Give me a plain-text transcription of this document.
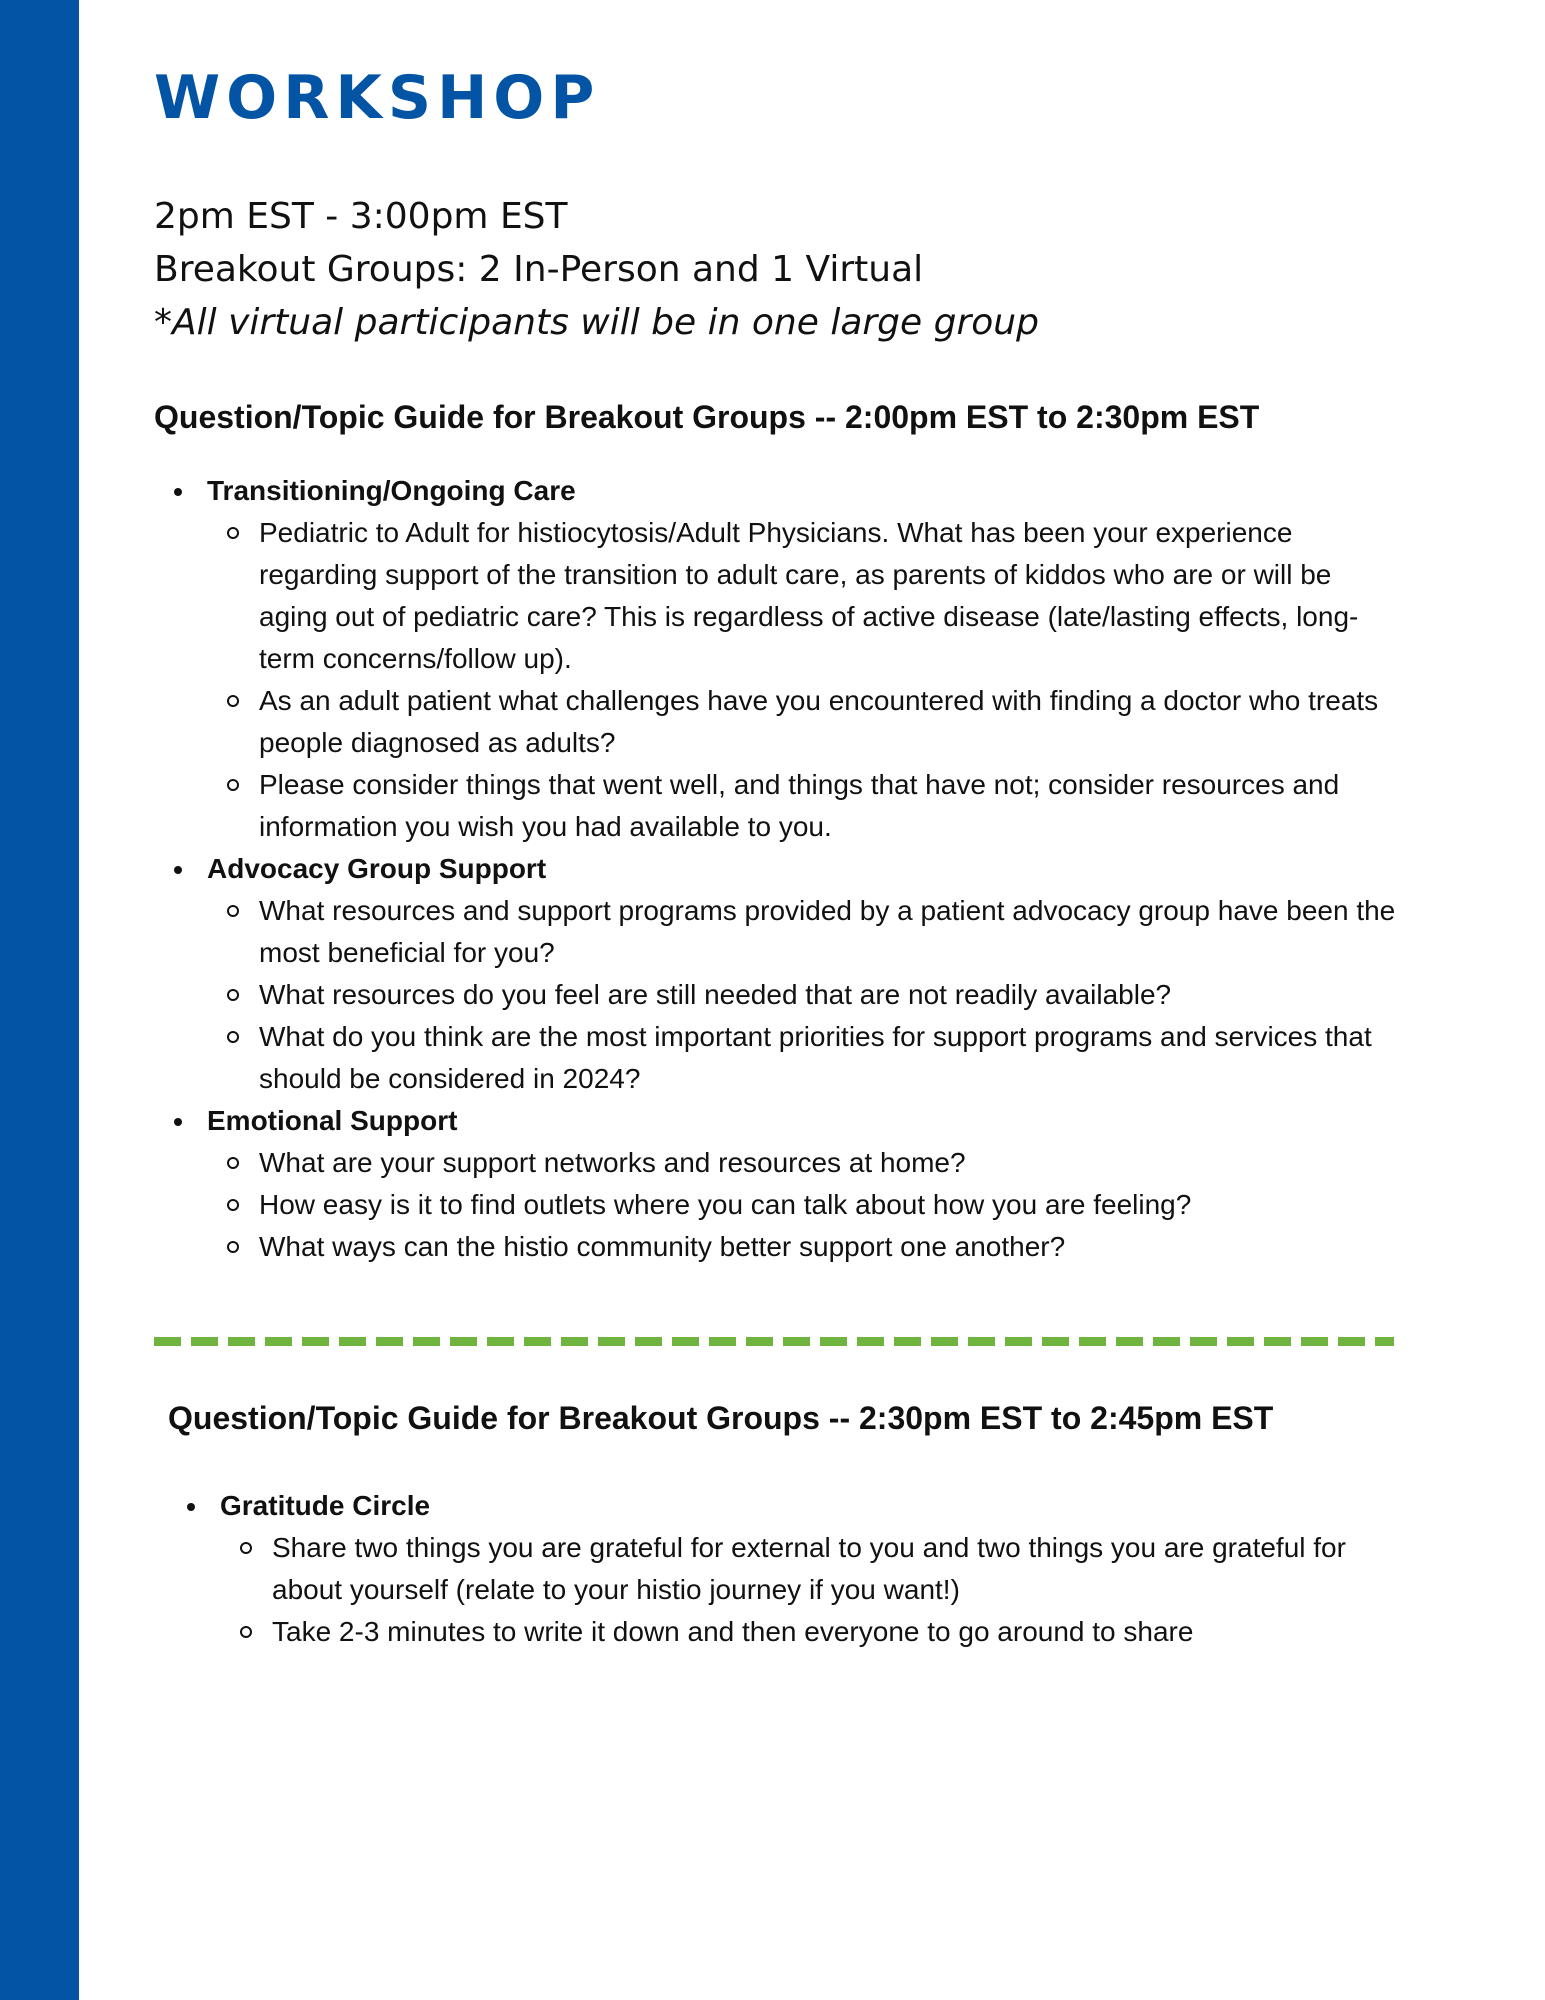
WORKSHOP
2pm EST - 3:00pm EST
Breakout Groups: 2 In-Person and 1 Virtual
*All virtual participants will be in one large group
Question/Topic Guide for Breakout Groups -- 2:00pm EST to 2:30pm EST
Transitioning/Ongoing Care
Pediatric to Adult for histiocytosis/Adult Physicians. What has been your experience regarding support of the transition to adult care, as parents of kiddos who are or will be aging out of pediatric care? This is regardless of active disease (late/lasting effects, long-term concerns/follow up).
As an adult patient what challenges have you encountered with finding a doctor who treats people diagnosed as adults?
Please consider things that went well, and things that have not; consider resources and information you wish you had available to you.
Advocacy Group Support
What resources and support programs provided by a patient advocacy group have been the most beneficial for you?
What resources do you feel are still needed that are not readily available?
What do you think are the most important priorities for support programs and services that should be considered in 2024?
Emotional Support
What are your support networks and resources at home?
How easy is it to find outlets where you can talk about how you are feeling?
What ways can the histio community better support one another?
Question/Topic Guide for Breakout Groups -- 2:30pm EST to 2:45pm EST
Gratitude Circle
Share two things you are grateful for external to you and two things you are grateful for about yourself (relate to your histio journey if you want!)
Take 2-3 minutes to write it down and then everyone to go around to share
